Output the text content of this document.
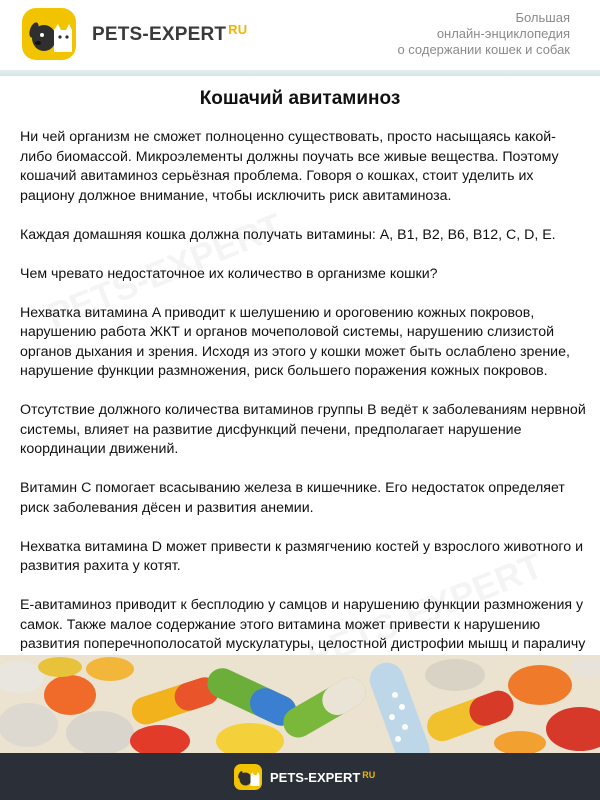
PETS-EXPERT $^{RU}$
Большая
онлайн-энциклопедия
о содержании кошек и собак
Кошачий авитаминоз

Ни чей организм не сможет полноценно существовать, просто насыщаясь какой-либо биомассой. Микроэлементы должны поучать все живые вещества. Поэтому кошачий авитаминоз серьёзная проблема. Говоря о кошках, стоит уделить их рациону должное внимание, чтобы исключить риск авитаминоза.

Каждая домашняя кошка должна получать витамины: A, B1, B2, B6, B12, C, D, E.

Чем чревато недостаточное их количество в организме кошки?

Нехватка витамина A приводит к шелушению и ороговению кожных покровов, нарушению работа ЖКТ и органов мочеполовой системы, нарушению слизистой органов дыхания и зрения. Исходя из этого у кошки может быть ослаблено зрение, нарушение функции размножения, риск большего поражения кожных покровов.

Отсутствие должного количества витаминов группы B ведёт к заболеваниям нервной системы, влияет на развитие дисфункций печени, предполагает нарушение координации движений.

Витамин C помогает всасыванию железа в кишечнике. Его недостаток определяет риск заболевания дёсен и развития анемии.

Нехватка витамина D может привести к размягчению костей у взрослого животного и развития рахита у котят.

E-авитаминоз приводит к бесплодию у самцов и нарушению функции размножения у самок. Также малое содержание этого витамина может привести к нарушению развития поперечнополосатой мускулатуры, целостной дистрофии мышц и параличу

PETS-EXPERT $^{RU}$
